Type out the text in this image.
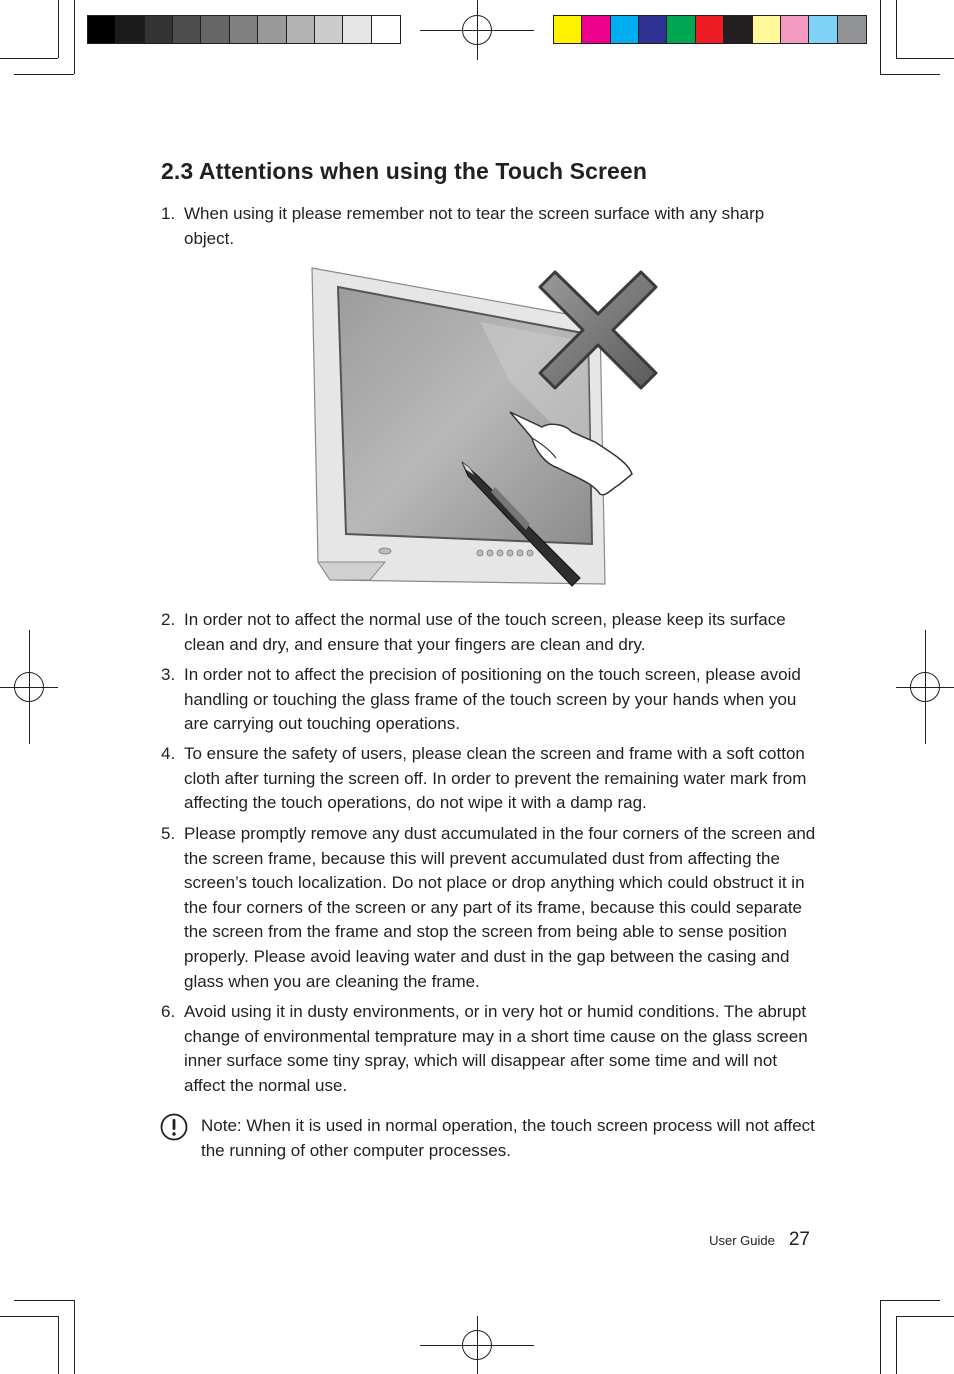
2.3 Attentions when using the Touch Screen
1. When using it please remember not to tear the screen surface with any sharp object.
2. In order not to affect the normal use of the touch screen, please keep its surface clean and dry, and ensure that your fingers are clean and dry.
3. In order not to affect the precision of positioning on the touch screen, please avoid handling or touching the glass frame of the touch screen by your hands when you are carrying out touching operations.
4. To ensure the safety of users, please clean the screen and frame with a soft cotton cloth after turning the screen off. In order to prevent the remaining water mark from affecting the touch operations, do not wipe it with a damp rag.
5. Please promptly remove any dust accumulated in the four corners of the screen and the screen frame, because this will prevent accumulated dust from affecting the screen’s touch localization. Do not place or drop anything which could obstruct it in the four corners of the screen or any part of its frame, because this could separate the screen from the frame and stop the screen from being able to sense position properly. Please avoid leaving water and dust in the gap between the casing and glass when you are cleaning the frame.
6. Avoid using it in dusty environments, or in very hot or humid conditions. The abrupt change of environmental temprature may in a short time cause on the glass screen inner surface some tiny spray, which will disappear after some time and will not affect the normal use.
Note: When it is used in normal operation, the touch screen process will not affect the running of other computer processes.
User Guide 27
